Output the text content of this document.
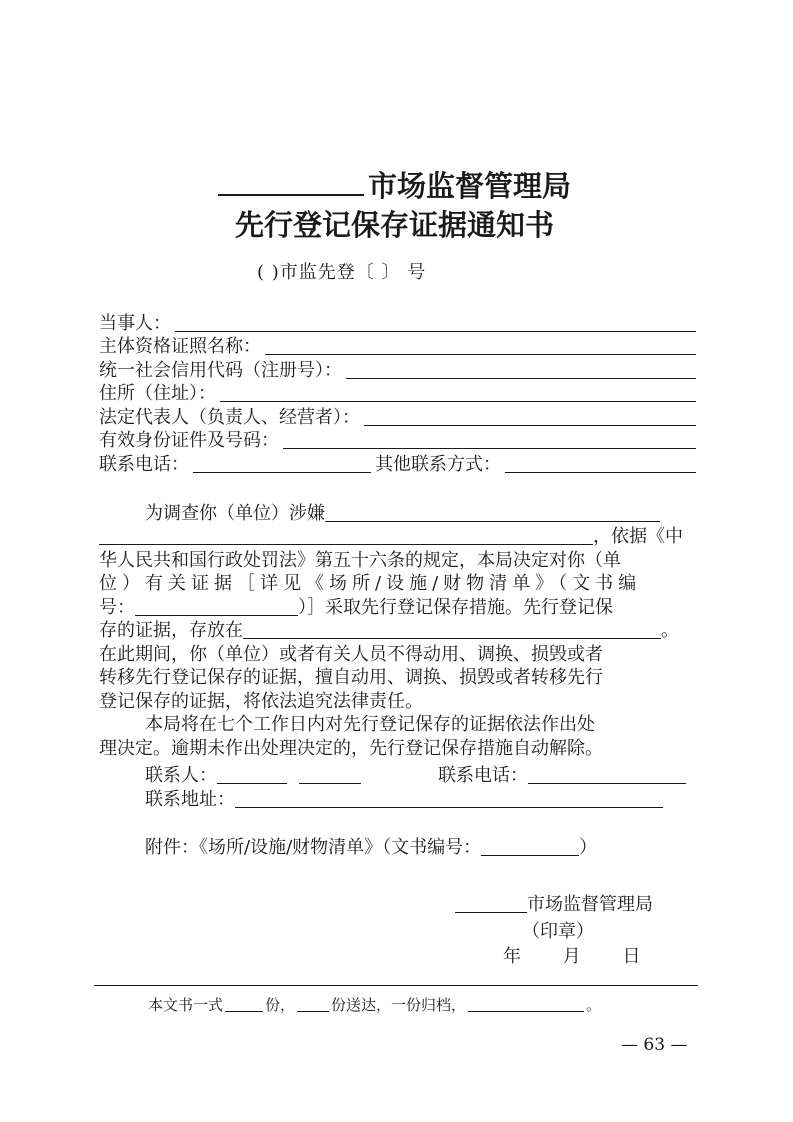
市场监督管理局
先行登记保存证据通知书
( )市监先登〔 〕 号
当事人：
主体资格证照名称：
统一社会信用代码（注册号）：
住所（住址）：
法定代表人（负责人、经营者）：
有效身份证件及号码：
联系电话：	其他联系方式：
为调查你（单位）涉嫌
，依据《中
华人民共和国行政处罚法》第五十六条的规定，本局决定对你（单
位）有关证据［详见《场所/设施/财物清单》（文书编
号：	）］采取先行登记保存措施。先行登记保
存的证据，存放在	。
在此期间，你（单位）或者有关人员不得动用、调换、损毁或者
转移先行登记保存的证据，擅自动用、调换、损毁或者转移先行
登记保存的证据，将依法追究法律责任。
本局将在七个工作日内对先行登记保存的证据依法作出处
理决定。逾期未作出处理决定的，先行登记保存措施自动解除。
联系人：	联系电话：
联系地址：
附件：《场所/设施/财物清单》（文书编号：	）
市场监督管理局
（印章）
年　 月　 日
本文书一式	份， 份送达，一份归档，	。
— 63 —
